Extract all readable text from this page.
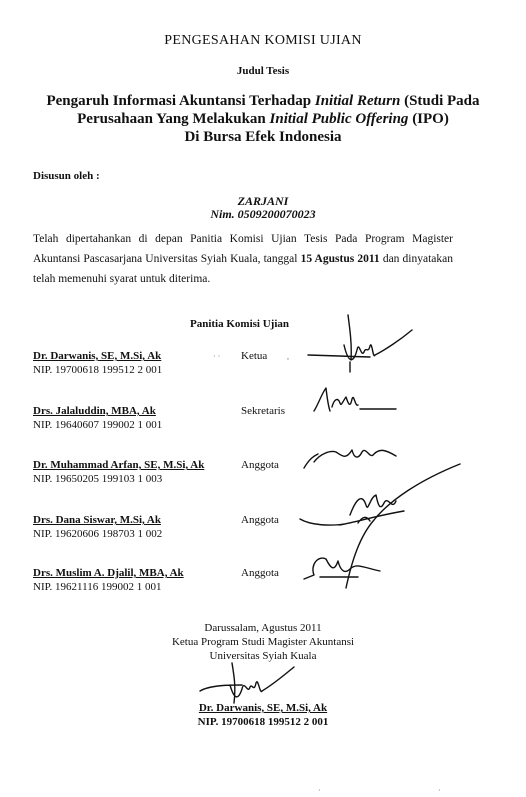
PENGESAHAN KOMISI UJIAN
Judul Tesis
Pengaruh Informasi Akuntansi Terhadap Initial Return (Studi Pada
Perusahaan Yang Melakukan Initial Public Offering (IPO)
Di Bursa Efek Indonesia
Disusun oleh :
ZARJANI
Nim. 0509200070023
Telah dipertahankan di depan Panitia Komisi Ujian Tesis Pada Program Magister Akuntansi Pascasarjana Universitas Syiah Kuala, tanggal 15 Agustus 2011 dan dinyatakan telah memenuhi syarat untuk diterima.
Panitia Komisi Ujian
Dr. Darwanis, SE, M.Si, Ak
NIP. 19700618 199512 2 001
Ketua
· ·	,
Drs. Jalaluddin, MBA, Ak
NIP. 19640607 199002 1 001
Sekretaris
Dr. Muhammad Arfan, SE, M.Si, Ak
NIP. 19650205 199103 1 003
Anggota
Drs. Dana Siswar, M.Si, Ak
NIP. 19620606 198703 1 002
Anggota
Drs. Muslim A. Djalil, MBA, Ak
NIP. 19621116 199002 1 001
Anggota
Darussalam, Agustus 2011
Ketua Program Studi Magister Akuntansi
Universitas Syiah Kuala
Dr. Darwanis, SE, M.Si, Ak
NIP. 19700618 199512 2 001
·	·
